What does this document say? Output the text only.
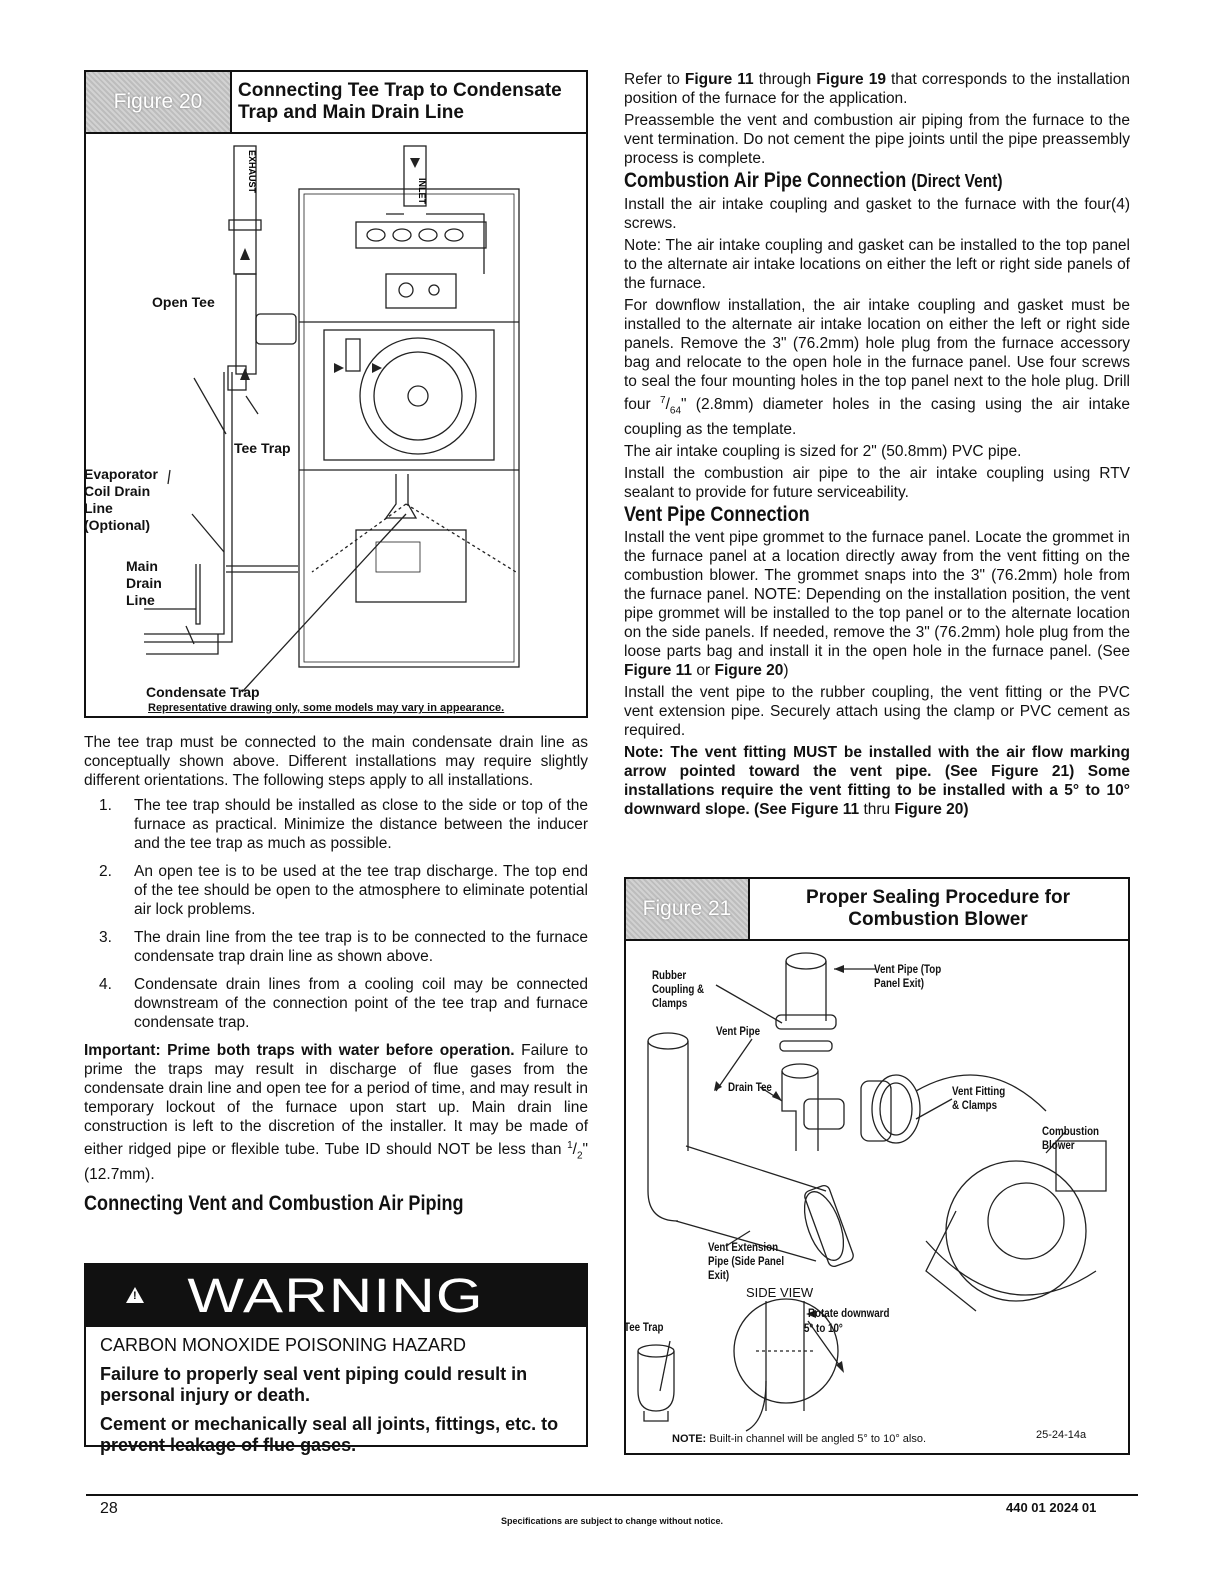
Figure 20	Connecting Tee Trap to Condensate Trap and Main Drain Line
EXHAUST	INLET
Open Tee
Tee Trap
Evaporator Coil Drain Line (Optional)
Main Drain Line
Condensate Trap
Representative drawing only, some models may vary in appearance.

The tee trap must be connected to the main condensate drain line as conceptually shown above. Different installations may require slightly different orientations. The following steps apply to all installations.

1. The tee trap should be installed as close to the side or top of the furnace as practical. Minimize the distance between the inducer and the tee trap as much as possible.
2. An open tee is to be used at the tee trap discharge. The top end of the tee should be open to the atmosphere to eliminate potential air lock problems.
3. The drain line from the tee trap is to be connected to the furnace condensate trap drain line as shown above.
4. Condensate drain lines from a cooling coil may be connected downstream of the connection point of the tee trap and furnace condensate trap.

Important: Prime both traps with water before operation. Failure to prime the traps may result in discharge of flue gases from the condensate drain line and open tee for a period of time, and may result in temporary lockout of the furnace upon start up. Main drain line construction is left to the discretion of the installer. It may be made of either ridged pipe or flexible tube. Tube ID should NOT be less than $^1/_2$" (12.7mm).

Connecting Vent and Combustion Air Piping
! WARNING
CARBON MONOXIDE POISONING HAZARD
Failure to properly seal vent piping could result in personal injury or death.
Cement or mechanically seal all joints, fittings, etc. to prevent leakage of flue gases.

Refer to Figure 11 through Figure 19 that corresponds to the installation position of the furnace for the application.

Preassemble the vent and combustion air piping from the furnace to the vent termination. Do not cement the pipe joints until the pipe preassembly process is complete.

Combustion Air Pipe Connection (Direct Vent)

Install the air intake coupling and gasket to the furnace with the four(4) screws.

Note: The air intake coupling and gasket can be installed to the top panel to the alternate air intake locations on either the left or right side panels of the furnace.

For downflow installation, the air intake coupling and gasket must be installed to the alternate air intake location on either the left or right side panels. Remove the 3" (76.2mm) hole plug from the furnace accessory bag and relocate to the open hole in the furnace panel. Use four screws to seal the four mounting holes in the top panel next to the hole plug. Drill four $^7/_{64}$" (2.8mm) diameter holes in the casing using the air intake coupling as the template.

The air intake coupling is sized for 2" (50.8mm) PVC pipe.

Install the combustion air pipe to the air intake coupling using RTV sealant to provide for future serviceability.

Vent Pipe Connection

Install the vent pipe grommet to the furnace panel. Locate the grommet in the furnace panel at a location directly away from the vent fitting on the combustion blower. The grommet snaps into the 3" (76.2mm) hole from the furnace panel. NOTE: Depending on the installation position, the vent pipe grommet will be installed to the top panel or to the alternate location on the side panels. If needed, remove the 3" (76.2mm) hole plug from the loose parts bag and install it in the open hole in the furnace panel. (See Figure 11 or Figure 20)

Install the vent pipe to the rubber coupling, the vent fitting or the PVC vent extension pipe. Securely attach using the clamp or PVC cement as required.

Note: The vent fitting MUST be installed with the air flow marking arrow pointed toward the vent pipe. (See Figure 21) Some installations require the vent fitting to be installed with a 5° to 10° downward slope. (See Figure 11 thru Figure 20)

Figure 21	Proper Sealing Procedure for Combustion Blower
Rubber Coupling & Clamps
Vent Pipe (Top Panel Exit)
Vent Pipe
Drain Tee	Vent Fitting & Clamps
Combustion Blower
Vent Extension Pipe (Side Panel Exit)
SIDE VIEW
Rotate downward
5° to 10°
Tee Trap
NOTE: Built-in channel will be angled 5° to 10° also.	25-24-14a
28
Specifications are subject to change without notice.
440 01 2024 01
